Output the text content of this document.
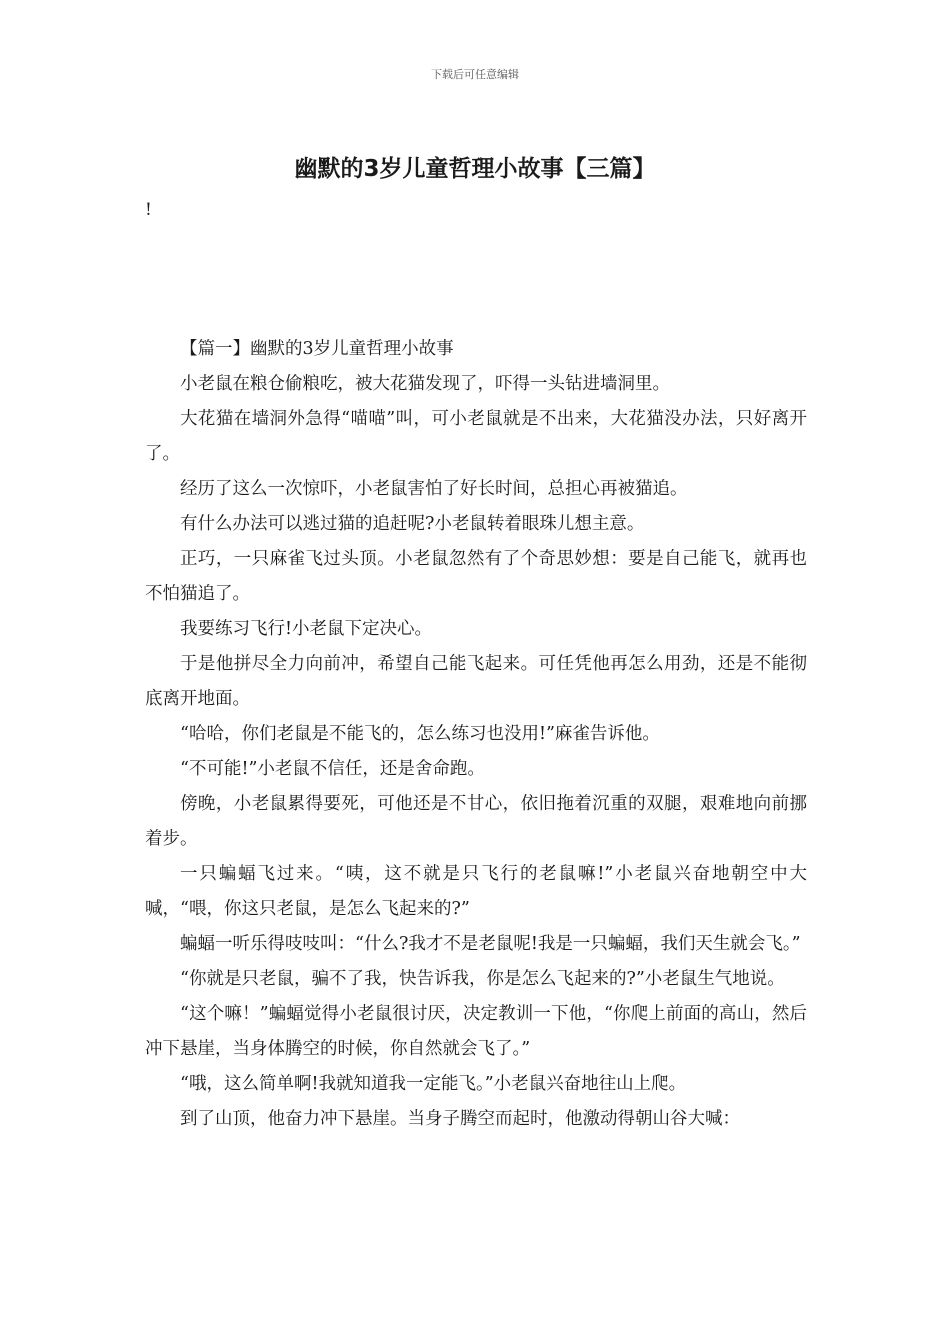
下载后可任意编辑
幽默的3岁儿童哲理小故事【三篇】
!

【篇一】幽默的3岁儿童哲理小故事

小老鼠在粮仓偷粮吃，被大花猫发现了，吓得一头钻进墙洞里。

大花猫在墙洞外急得“喵喵”叫，可小老鼠就是不出来，大花猫没办法，只好离开了。

经历了这么一次惊吓，小老鼠害怕了好长时间，总担心再被猫追。

有什么办法可以逃过猫的追赶呢?小老鼠转着眼珠儿想主意。

正巧，一只麻雀飞过头顶。小老鼠忽然有了个奇思妙想：要是自己能飞，就再也不怕猫追了。

我要练习飞行!小老鼠下定决心。

于是他拼尽全力向前冲，希望自己能飞起来。可任凭他再怎么用劲，还是不能彻底离开地面。

“哈哈，你们老鼠是不能飞的，怎么练习也没用!”麻雀告诉他。

“不可能!”小老鼠不信任，还是舍命跑。

傍晚，小老鼠累得要死，可他还是不甘心，依旧拖着沉重的双腿，艰难地向前挪着步。

一只蝙蝠飞过来。“咦，这不就是只飞行的老鼠嘛!”小老鼠兴奋地朝空中大喊，“喂，你这只老鼠，是怎么飞起来的?”

蝙蝠一听乐得吱吱叫：“什么?我才不是老鼠呢!我是一只蝙蝠，我们天生就会飞。”

“你就是只老鼠，骗不了我，快告诉我，你是怎么飞起来的?”小老鼠生气地说。

“这个嘛！”蝙蝠觉得小老鼠很讨厌，决定教训一下他，“你爬上前面的高山，然后冲下悬崖，当身体腾空的时候，你自然就会飞了。”

“哦，这么简单啊!我就知道我一定能飞。”小老鼠兴奋地往山上爬。

到了山顶，他奋力冲下悬崖。当身子腾空而起时，他激动得朝山谷大喊：
